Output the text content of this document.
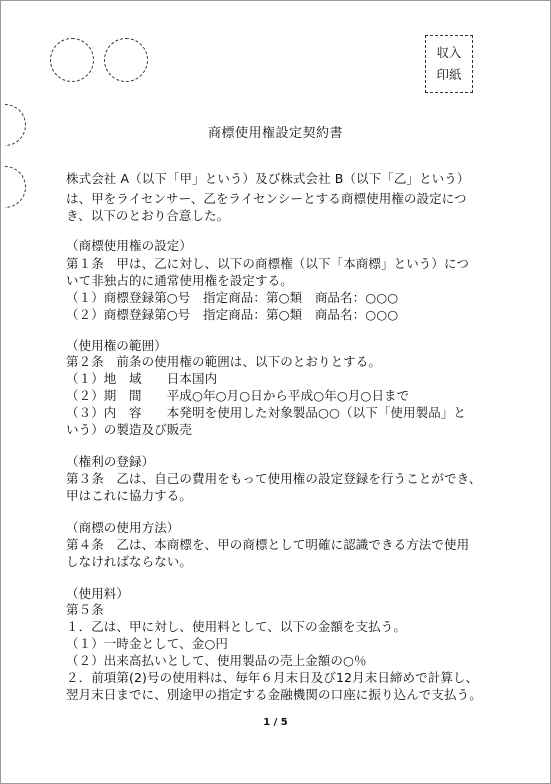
収入
印紙
商標使用権設定契約書
株式会社 A（以下「甲」という）及び株式会社 B（以下「乙」という）
は、甲をライセンサー、乙をライセンシーとする商標使用権の設定につ
き、以下のとおり合意した。
（商標使用権の設定）
第１条　甲は、乙に対し、以下の商標権（以下「本商標」という）につ
いて非独占的に通常使用権を設定する。
（１）商標登録第○号　指定商品：第○類　商品名：○○○
（２）商標登録第○号　指定商品：第○類　商品名：○○○
（使用権の範囲）
第２条　前条の使用権の範囲は、以下のとおりとする。
（１）地　域　　日本国内
（２）期　間　　平成○年○月○日から平成○年○月○日まで
（３）内　容　　本発明を使用した対象製品○○（以下「使用製品」と
いう）の製造及び販売
（権利の登録）
第３条　乙は、自己の費用をもって使用権の設定登録を行うことができ、
甲はこれに協力する。
（商標の使用方法）
第４条　乙は、本商標を、甲の商標として明確に認識できる方法で使用
しなければならない。
（使用料）
第５条
１．乙は、甲に対し、使用料として、以下の金額を支払う。
（１）一時金として、金○円
（２）出来高払いとして、使用製品の売上金額の○％
２．前項第(2)号の使用料は、毎年６月末日及び12月末日締めで計算し、
翌月末日までに、別途甲の指定する金融機関の口座に振り込んで支払う。
1 / 5
